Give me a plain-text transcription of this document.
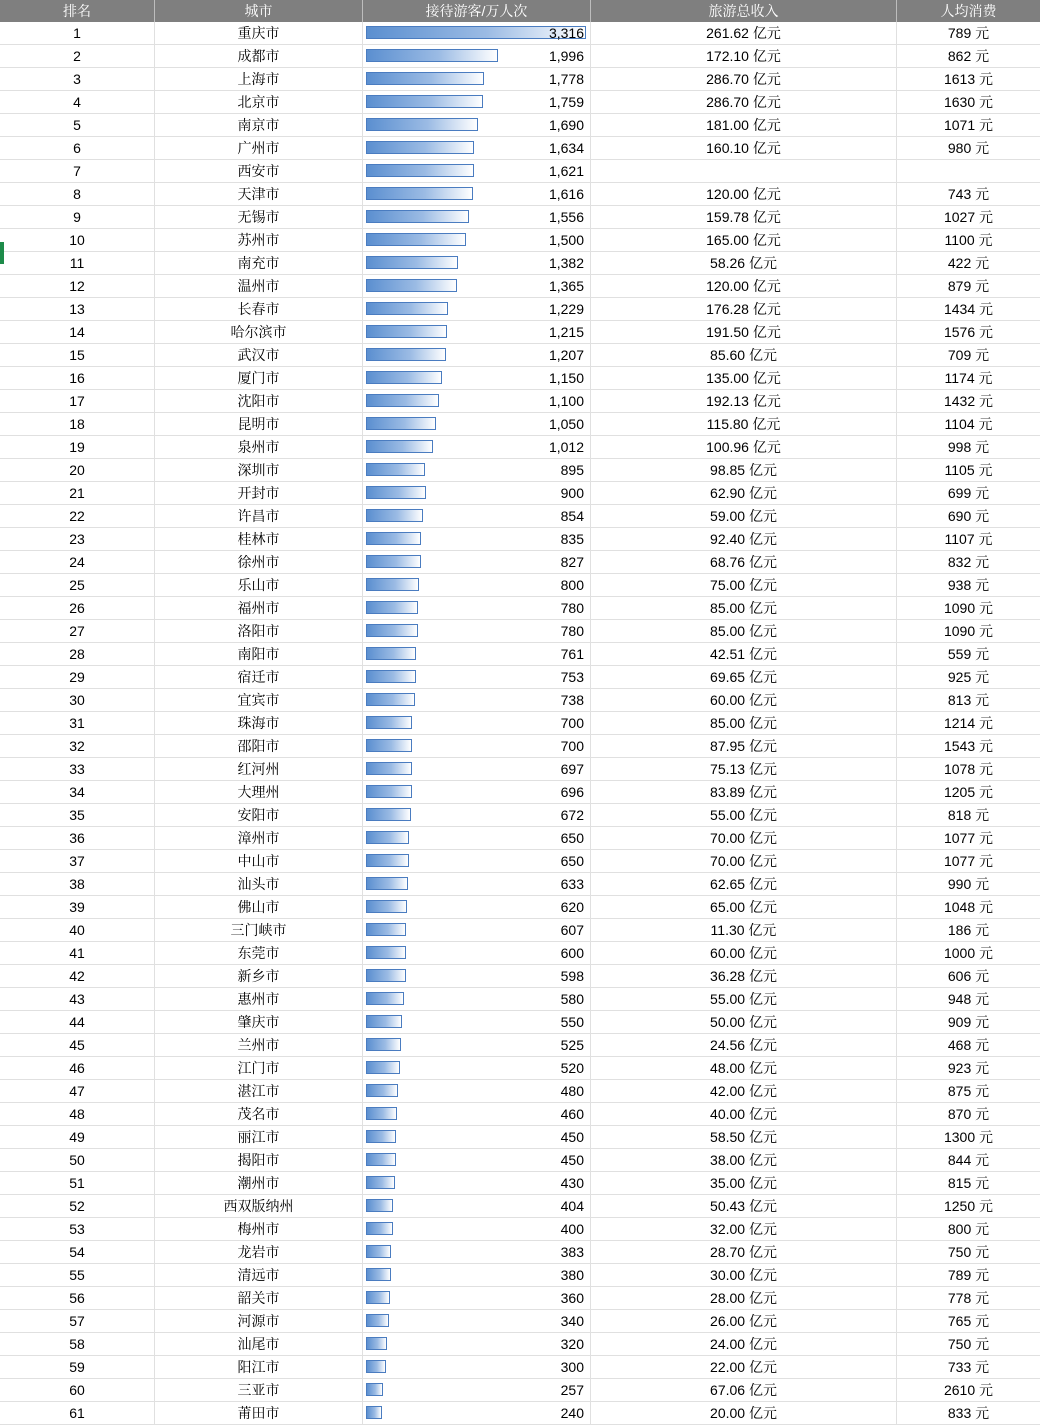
排名	城市	接待游客/万人次	旅游总收入	人均消费
1	重庆市	3,316	261.62 亿元	789 元
2	成都市	1,996	172.10 亿元	862 元
3	上海市	1,778	286.70 亿元	1613 元
4	北京市	1,759	286.70 亿元	1630 元
5	南京市	1,690	181.00 亿元	1071 元
6	广州市	1,634	160.10 亿元	980 元
7	西安市	1,621
8	天津市	1,616	120.00 亿元	743 元
9	无锡市	1,556	159.78 亿元	1027 元
10	苏州市	1,500	165.00 亿元	1100 元
11	南充市	1,382	58.26 亿元	422 元
12	温州市	1,365	120.00 亿元	879 元
13	长春市	1,229	176.28 亿元	1434 元
14	哈尔滨市	1,215	191.50 亿元	1576 元
15	武汉市	1,207	85.60 亿元	709 元
16	厦门市	1,150	135.00 亿元	1174 元
17	沈阳市	1,100	192.13 亿元	1432 元
18	昆明市	1,050	115.80 亿元	1104 元
19	泉州市	1,012	100.96 亿元	998 元
20	深圳市	895	98.85 亿元	1105 元
21	开封市	900	62.90 亿元	699 元
22	许昌市	854	59.00 亿元	690 元
23	桂林市	835	92.40 亿元	1107 元
24	徐州市	827	68.76 亿元	832 元
25	乐山市	800	75.00 亿元	938 元
26	福州市	780	85.00 亿元	1090 元
27	洛阳市	780	85.00 亿元	1090 元
28	南阳市	761	42.51 亿元	559 元
29	宿迁市	753	69.65 亿元	925 元
30	宜宾市	738	60.00 亿元	813 元
31	珠海市	700	85.00 亿元	1214 元
32	邵阳市	700	87.95 亿元	1543 元
33	红河州	697	75.13 亿元	1078 元
34	大理州	696	83.89 亿元	1205 元
35	安阳市	672	55.00 亿元	818 元
36	漳州市	650	70.00 亿元	1077 元
37	中山市	650	70.00 亿元	1077 元
38	汕头市	633	62.65 亿元	990 元
39	佛山市	620	65.00 亿元	1048 元
40	三门峡市	607	11.30 亿元	186 元
41	东莞市	600	60.00 亿元	1000 元
42	新乡市	598	36.28 亿元	606 元
43	惠州市	580	55.00 亿元	948 元
44	肇庆市	550	50.00 亿元	909 元
45	兰州市	525	24.56 亿元	468 元
46	江门市	520	48.00 亿元	923 元
47	湛江市	480	42.00 亿元	875 元
48	茂名市	460	40.00 亿元	870 元
49	丽江市	450	58.50 亿元	1300 元
50	揭阳市	450	38.00 亿元	844 元
51	潮州市	430	35.00 亿元	815 元
52	西双版纳州	404	50.43 亿元	1250 元
53	梅州市	400	32.00 亿元	800 元
54	龙岩市	383	28.70 亿元	750 元
55	清远市	380	30.00 亿元	789 元
56	韶关市	360	28.00 亿元	778 元
57	河源市	340	26.00 亿元	765 元
58	汕尾市	320	24.00 亿元	750 元
59	阳江市	300	22.00 亿元	733 元
60	三亚市	257	67.06 亿元	2610 元
61	莆田市	240	20.00 亿元	833 元
